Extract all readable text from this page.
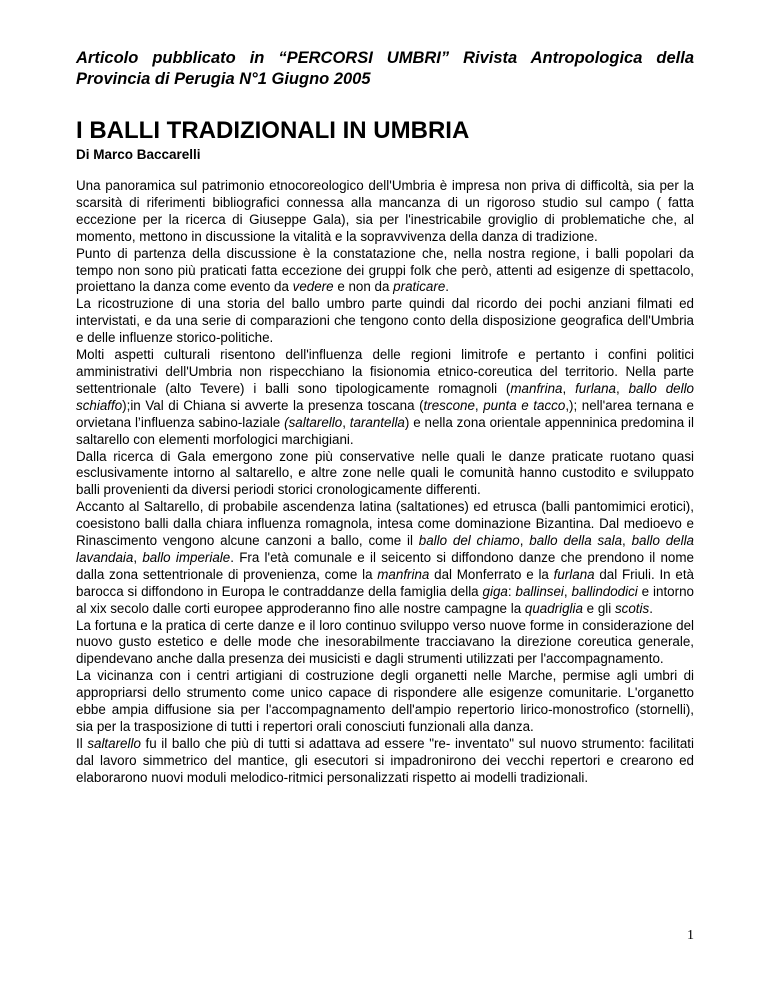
Articolo pubblicato in “PERCORSI UMBRI” Rivista Antropologica della Provincia di Perugia N°1 Giugno 2005
I BALLI TRADIZIONALI IN UMBRIA
Di Marco Baccarelli

Una panoramica sul patrimonio etnocoreologico dell'Umbria è impresa non priva di difficoltà, sia per la scarsità di riferimenti bibliografici connessa alla mancanza di un rigoroso studio sul campo ( fatta eccezione per la ricerca di Giuseppe Gala), sia per l'inestricabile groviglio di problematiche che, al momento, mettono in discussione la vitalità e la sopravvivenza della danza di tradizione.

Punto di partenza della discussione è la constatazione che, nella nostra regione, i balli popolari da tempo non sono più praticati fatta eccezione dei gruppi folk che però, attenti ad esigenze di spettacolo, proiettano la danza come evento da vedere e non da praticare.

La ricostruzione di una storia del ballo umbro parte quindi dal ricordo dei pochi anziani filmati ed intervistati, e da una serie di comparazioni che tengono conto della disposizione geografica dell'Umbria e delle influenze storico-politiche.

Molti aspetti culturali risentono dell'influenza delle regioni limitrofe e pertanto i confini politici amministrativi dell'Umbria non rispecchiano la fisionomia etnico-coreutica del territorio. Nella parte settentrionale (alto Tevere) i balli sono tipologicamente romagnoli (manfrina, furlana, ballo dello schiaffo);in Val di Chiana si avverte la presenza toscana (trescone, punta e tacco,); nell'area ternana e orvietana l’influenza sabino-laziale (saltarello, tarantella) e nella zona orientale appenninica predomina il saltarello con elementi morfologici marchigiani.

Dalla ricerca di Gala emergono zone più conservative nelle quali le danze praticate ruotano quasi esclusivamente intorno al saltarello, e altre zone nelle quali le comunità hanno custodito e sviluppato balli provenienti da diversi periodi storici cronologicamente differenti.

Accanto al Saltarello, di probabile ascendenza latina (saltationes) ed etrusca (balli pantomimici erotici), coesistono balli dalla chiara influenza romagnola, intesa come dominazione Bizantina. Dal medioevo e Rinascimento vengono alcune canzoni a ballo, come il ballo del chiamo, ballo della sala, ballo della lavandaia, ballo imperiale. Fra l'età comunale e il seicento si diffondono danze che prendono il nome dalla zona settentrionale di provenienza, come la manfrina dal Monferrato e la furlana dal Friuli. In età barocca si diffondono in Europa le contraddanze della famiglia della giga: ballinsei, ballindodici e intorno al xix secolo dalle corti europee approderanno fino alle nostre campagne la quadriglia e gli scotis.

La fortuna e la pratica di certe danze e il loro continuo sviluppo verso nuove forme in considerazione del nuovo gusto estetico e delle mode che inesorabilmente tracciavano la direzione coreutica generale, dipendevano anche dalla presenza dei musicisti e dagli strumenti utilizzati per l'accompagnamento.

La vicinanza con i centri artigiani di costruzione degli organetti nelle Marche, permise agli umbri di appropriarsi dello strumento come unico capace di rispondere alle esigenze comunitarie. L'organetto ebbe ampia diffusione sia per l'accompagnamento dell'ampio repertorio lirico-monostrofico (stornelli), sia per la trasposizione di tutti i repertori orali conosciuti funzionali alla danza.

Il saltarello fu il ballo che più di tutti si adattava ad essere "re- inventato" sul nuovo strumento: facilitati dal lavoro simmetrico del mantice, gli esecutori si impadronirono dei vecchi repertori e crearono ed elaborarono nuovi moduli melodico-ritmici personalizzati rispetto ai modelli tradizionali.

1
